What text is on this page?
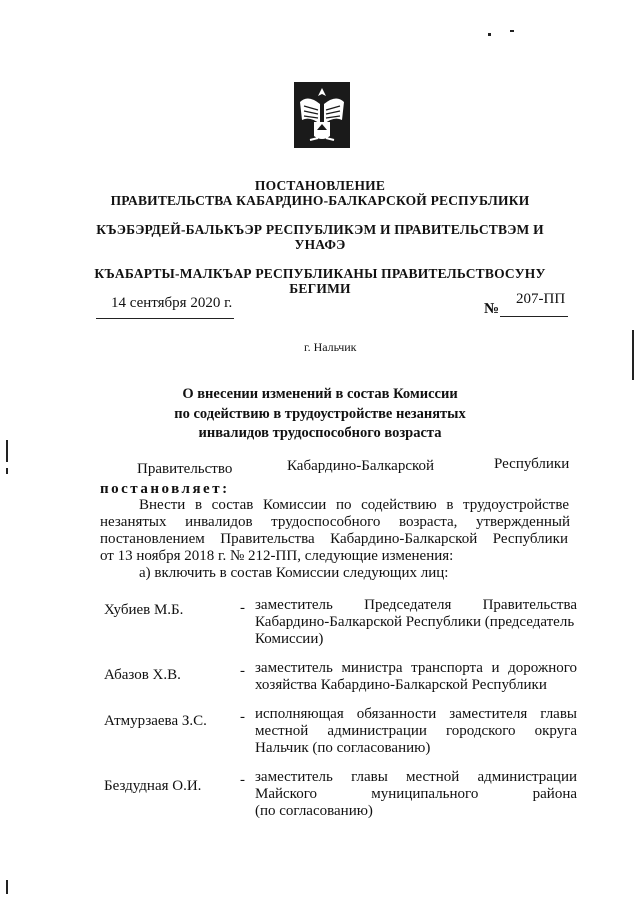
ПОСТАНОВЛЕНИЕ
ПРАВИТЕЛЬСТВА КАБАРДИНО-БАЛКАРСКОЙ РЕСПУБЛИКИ
КЪЭБЭРДЕЙ-БАЛЬКЪЭР РЕСПУБЛИКЭМ И ПРАВИТЕЛЬСТВЭМ И
УНАФЭ
КЪАБАРТЫ-МАЛКЪАР РЕСПУБЛИКАНЫ ПРАВИТЕЛЬСТВОСУНУ
БЕГИМИ
14 сентября 2020 г.	№
207-ПП
г. Нальчик
О внесении изменений в состав Комиссии
по содействию в трудоустройстве незанятых
инвалидов трудоспособного возраста
Правительство	Кабардино-Балкарской	Республики
постановляет:
Внести в состав Комиссии по содействию в трудоустройстве
незанятых инвалидов трудоспособного возраста, утвержденный
постановлением Правительства Кабардино-Балкарской Республики
от 13 ноября 2018 г. № 212-ПП, следующие изменения:
а) включить в состав Комиссии следующих лиц:
Хубиев М.Б.	- заместитель Председателя Правительства
Кабардино-Балкарской Республики (председатель
Комиссии)
Абазов Х.В.	- заместитель министра транспорта и дорожного
хозяйства Кабардино-Балкарской Республики
Атмурзаева З.С. - исполняющая обязанности заместителя главы
местной администрации городского округа
Нальчик (по согласованию)
Бездудная О.И.	- заместитель главы местной администрации
Майского муниципального района
(по согласованию)
